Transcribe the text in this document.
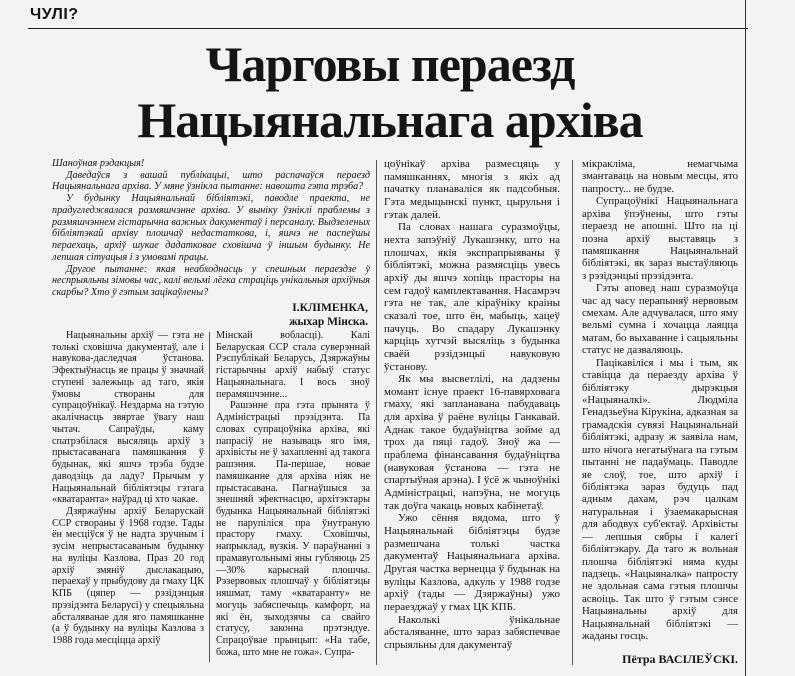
ЧУЛІ?
Чарговы пераезд
Нацыянальнага архіва

Шаноўная рэдакцыя!

Даведаўся з вашай публікацыі, што распачаўся пераезд Нацыянальнага архіва. У мяне ўзнікла пытанне: навошта гэта трэба?

У будынку Нацыянальнай бібліятэкі, паводле праекта, не прадугледжвалася размяшчэнне архіва. У выніку ўзніклі праблемы з размяшчэннем гістарычна важных дакументаў і персаналу. Выдзеленых бібліятэкай архіву плошчаў недастаткова, і, яшчэ не паспеўшы пераехаць, архіў шукае дадатковае сховішча ў іншым будынку. Не лепшая сітуацыя і з умовамі працы.

Другое пытанне: якая неабходнасць у спешным пераездзе ў неспрыяльны зімовы час, калі вельмі лёгка страціць унікальныя архіўныя скарбы? Хто ў гэтым зацікаўлены?

І.КЛІМЕНКА,
жыхар Мінска.

Нацыянальны архіў — гэта не толькі сховішча дакументаў, але і навукова-даследчая ўстанова. Эфектыўнасць яе працы ў значнай ступені залежыць ад таго, якія ўмовы створаны для супрацоўнікаў. Нездарма на гэтую акалічнасць звяртае ўвагу наш чытач. Сапраўды, каму спатрэбілася высяляць архіў з прыстасаванага памяшкання ў будынак, які яшчэ трэба будзе даводзіць да ладу? Прычым у Нацыянальнай бібліятэцы гэтага «кватаранта» наўрад ці хто чакае.

Дзяржаўны архіў Беларускай ССР створаны ў 1968 годзе. Тады ён месціўся ў не надта зручным і зусім непрыстасаваным будынку на вуліцы Казлова. Праз 20 год архіў змяніў дыслакацыю, пераехаў у прыбудову да гмаху ЦК КПБ (цяпер — рэзідэнцыя прэзідэнта Беларусі) у спецыяльна абсталяванае для яго памяшканне (а ў будынку на вуліцы Казлова з 1988 года месціцца архіў

Мінскай вобласці). Калі Беларуская ССР стала суверэннай Рэспублікай Беларусь, Дзяржаўны гістарычны архіў набыў статус Нацыянальнага. І вось зноў перамяшчэнне...

Рашэнне пра гэта прынята ў Адміністрацыі прэзідэнта. Па словах супрацоўніка архіва, які папрасіў не называць яго імя, архівісты не ў захапленні ад такога рашэння. Па-першае, новае памяшканне для архіва ніяк не прыстасавана. Пагнаўшыся за знешняй эфектнасцю, архітэктары будынка Нацыянальнай бібліятэкі не парупіліся пра ўнутраную прастору гмаху. Сховішчы, напрыклад, вузкія. У параўнанні з прамавугольнымі яны губляюць 25—30% карыснай плошчы. Рэзервовых плошчаў у бібліятэцы няшмат, таму «кватаранту» не могуць забяспечыць камфорт, на які ён, зыходзячы са свайго статусу, законна прэтэндуе. Спрацоўвае прынцып: «На табе, божа, што мне не гожа». Супра-

цоўнікаў архіва размесцяць у памяшканнях, многія з якіх ад пачатку планаваліся як падсобныя. Гэта медыцынскі пункт, цырульня і гэтак далей.

Па словах нашага суразмоўцы, нехта запэўніў Лукашэнку, што на плошчах, якія экспрапрыяваны ў бібліятэкі, можна размясціць увесь архіў ды яшчэ хопіць прасторы на сем гадоў камплектавання. Насамрэч гэта не так, але кіраўніку краіны сказалі тое, што ён, мабыць, хацеў пачуць. Во спадару Лукашэнку карціць хутчэй высяліць з будынка сваёй рэзідэнцыі навуковую ўстанову.

Як мы высветлілі, на дадзены момант існуе праект 16-павярховага гмаху, які запланавана пабудаваць для архіва ў раёне вуліцы Ганкавай. Аднак такое будаўніцтва зойме ад трох да пяці гадоў. Зноў жа — праблема фінансавання будаўніцтва (навуковая ўстанова — гэта не спартыўная арэна). І ўсё ж чыноўнікі Адміністрацыі, напэўна, не могуць так доўга чакаць новых кабінетаў.

Ужо сёння вядома, што ў Нацыянальнай бібліятэцы будзе размешчана толькі частка дакументаў Нацыянальнага архіва. Другая частка вернецца ў будынак на вуліцы Казлова, адкуль у 1988 годзе архіў (тады — Дзяржаўны) ужо пераезджаў у гмах ЦК КПБ.

Наколькі ўнікальнае абсталяванне, што зараз забяспечвае спрыяльны для дакументаў

мікракліма, немагчыма змантаваць на новым месцы, ято папросту... не будзе.

Супрацоўнікі Нацыянальнага архіва ўпэўнены, што гэты пераезд не апошні. Што па ці позна архіў выставяць з памяшкання Нацыянальнай бібліятэкі, як зараз выстаўляюць з рэзідэнцыі прэзідэнта.

Гэты аповед наш суразмоўца час ад часу перапыняў нервовым смехам. Але адчувалася, што яму вельмі сумна і хочацца лаяцца матам, бо выхаванне і сацыяльны статус не дазваляюць.

Пацікавіліся і мы і тым, як ставіцца да пераезду архіва ў бібліятэку дырэкцыя «Нацыяналкі». Людміла Генадзьеўна Кірукіна, адказная за грамадскія сувязі Нацыянальнай бібліятэкі, адразу ж заявіла нам, што нічога негатыўнага па гэтым пытанні не падаўмаць. Паводле яе слоў, тое, што архіў і бібліятэка зараз будуць пад адным дахам, рэч цалкам натуральная і ўзаемакарысная для абодвух суб'ектаў. Архівісты — лепшыя сябры і калегі бібліятэкару. Да таго ж вольная плошча бібліятэкі няма куды падзець. «Нацыяналка» папросту не здольная сама гэтыя плошчы асвоіць. Так што ў гэтым сэнсе Нацыянальны архіў для Нацыянальнай бібліятэкі — жаданы госць.

Пётра ВАСІЛЕЎСКІ.
